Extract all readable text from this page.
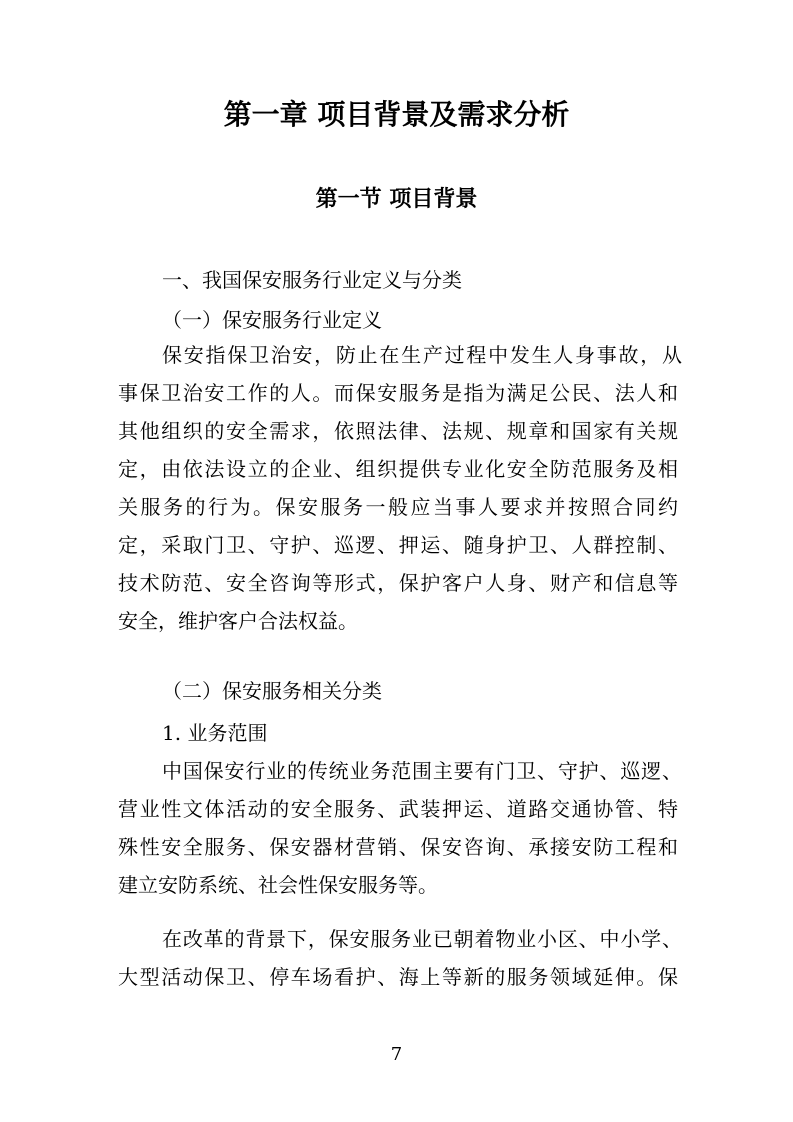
第一章 项目背景及需求分析
第一节 项目背景
一、我国保安服务行业定义与分类
（一）保安服务行业定义
保安指保卫治安，防止在生产过程中发生人身事故，从
事保卫治安工作的人。而保安服务是指为满足公民、法人和
其他组织的安全需求，依照法律、法规、规章和国家有关规
定，由依法设立的企业、组织提供专业化安全防范服务及相
关服务的行为。保安服务一般应当事人要求并按照合同约
定，采取门卫、守护、巡逻、押运、随身护卫、人群控制、
技术防范、安全咨询等形式，保护客户人身、财产和信息等
安全，维护客户合法权益。
（二）保安服务相关分类
1. 业务范围
中国保安行业的传统业务范围主要有门卫、守护、巡逻、
营业性文体活动的安全服务、武装押运、道路交通协管、特
殊性安全服务、保安器材营销、保安咨询、承接安防工程和
建立安防系统、社会性保安服务等。
在改革的背景下，保安服务业已朝着物业小区、中小学、
大型活动保卫、停车场看护、海上等新的服务领域延伸。保
7
